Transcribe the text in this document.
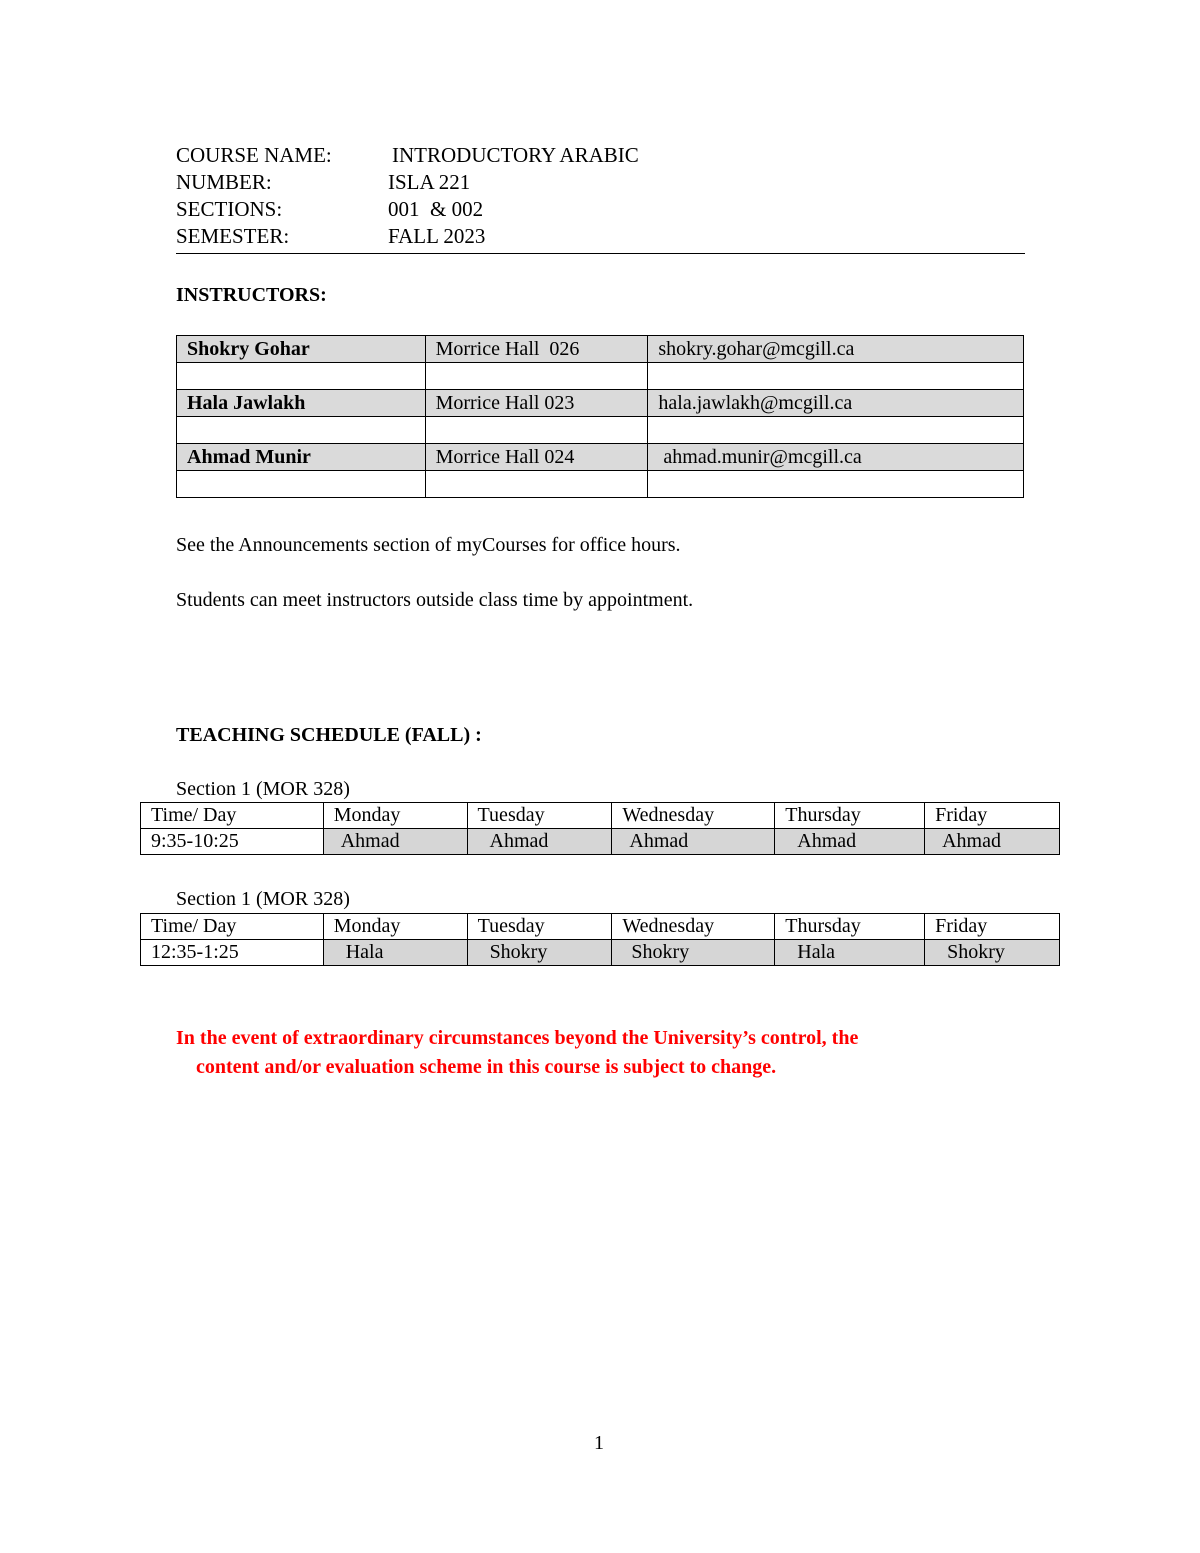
COURSE NAME:	INTRODUCTORY ARABIC
NUMBER:	ISLA 221
SECTIONS:	001  & 002
SEMESTER:	FALL 2023
INSTRUCTORS:
Shokry Gohar	Morrice Hall  026	shokry.gohar@mcgill.ca

Hala Jawlakh	Morrice Hall 023	hala.jawlakh@mcgill.ca

Ahmad Munir	Morrice Hall 024	ahmad.munir@mcgill.ca

See the Announcements section of myCourses for office hours.
Students can meet instructors outside class time by appointment.
TEACHING SCHEDULE (FALL) :
Section 1 (MOR 328)
Time/ Day	Monday	Tuesday	Wednesday	Thursday	Friday
9:35-10:25	Ahmad	Ahmad	Ahmad	Ahmad	Ahmad
Section 1 (MOR 328)
Time/ Day	Monday	Tuesday	Wednesday	Thursday	Friday
12:35-1:25	Hala	Shokry	Shokry	Hala	Shokry
In the event of extraordinary circumstances beyond the University’s control, the
content and/or evaluation scheme in this course is subject to change.
1
